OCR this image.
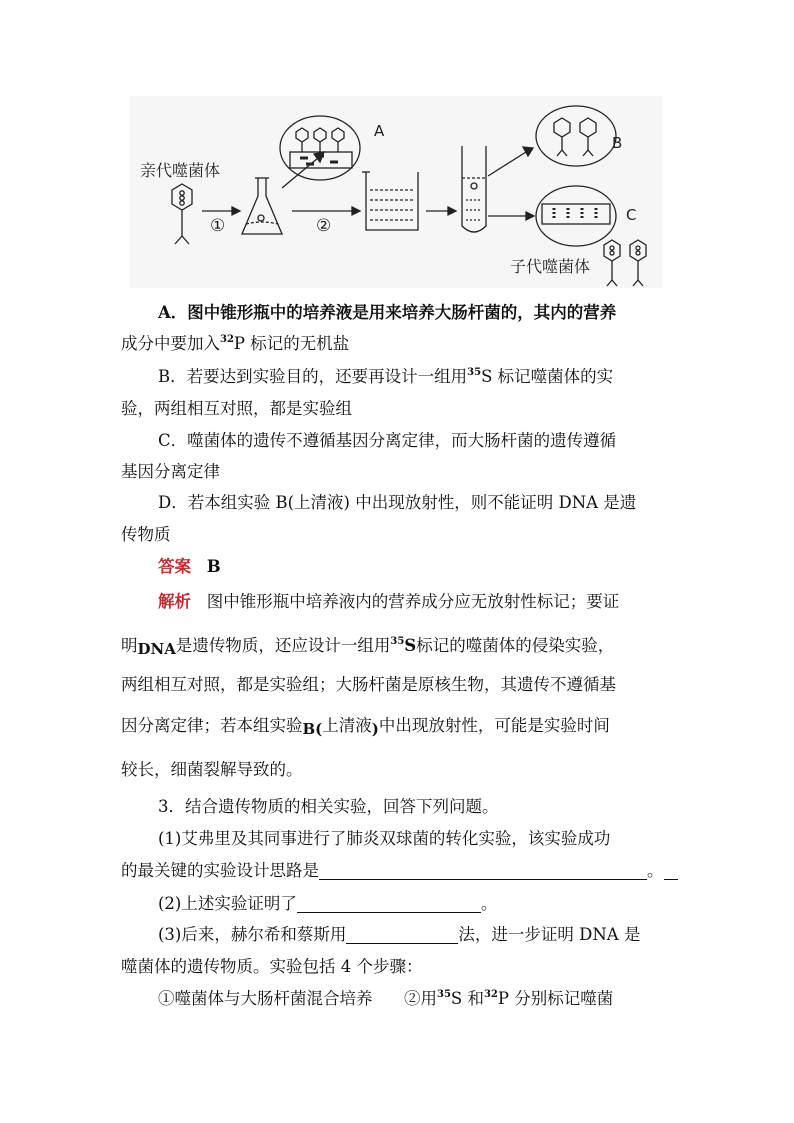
亲代噬菌体
①	②
A
B
C
子代噬菌体
A．图中锥形瓶中的培养液是用来培养大肠杆菌的，其内的营养
成分中要加入$^{32}$P 标记的无机盐
B．若要达到实验目的，还要再设计一组用$^{35}$S 标记噬菌体的实
验，两组相互对照，都是实验组
C．噬菌体的遗传不遵循基因分离定律，而大肠杆菌的遗传遵循
基因分离定律
D．若本组实验 B(上清液) 中出现放射性，则不能证明 DNA 是遗
传物质
答案 B
解析 图中锥形瓶中培养液内的营养成分应无放射性标记；要证
明DNA是遗传物质，还应设计一组用$^{35}$S标记的噬菌体的侵染实验，
两组相互对照，都是实验组；大肠杆菌是原核生物，其遗传不遵循基
因分离定律；若本组实验B(上清液)中出现放射性，可能是实验时间
较长，细菌裂解导致的。
3．结合遗传物质的相关实验，回答下列问题。
(1)艾弗里及其同事进行了肺炎双球菌的转化实验，该实验成功
的最关键的实验设计思路是	。
(2)上述实验证明了	。
(3)后来，赫尔希和蔡斯用	法，进一步证明 DNA 是
噬菌体的遗传物质。实验包括 4 个步骤：
①噬菌体与大肠杆菌混合培养 ②用$^{35}$S 和$^{32}$P 分别标记噬菌
